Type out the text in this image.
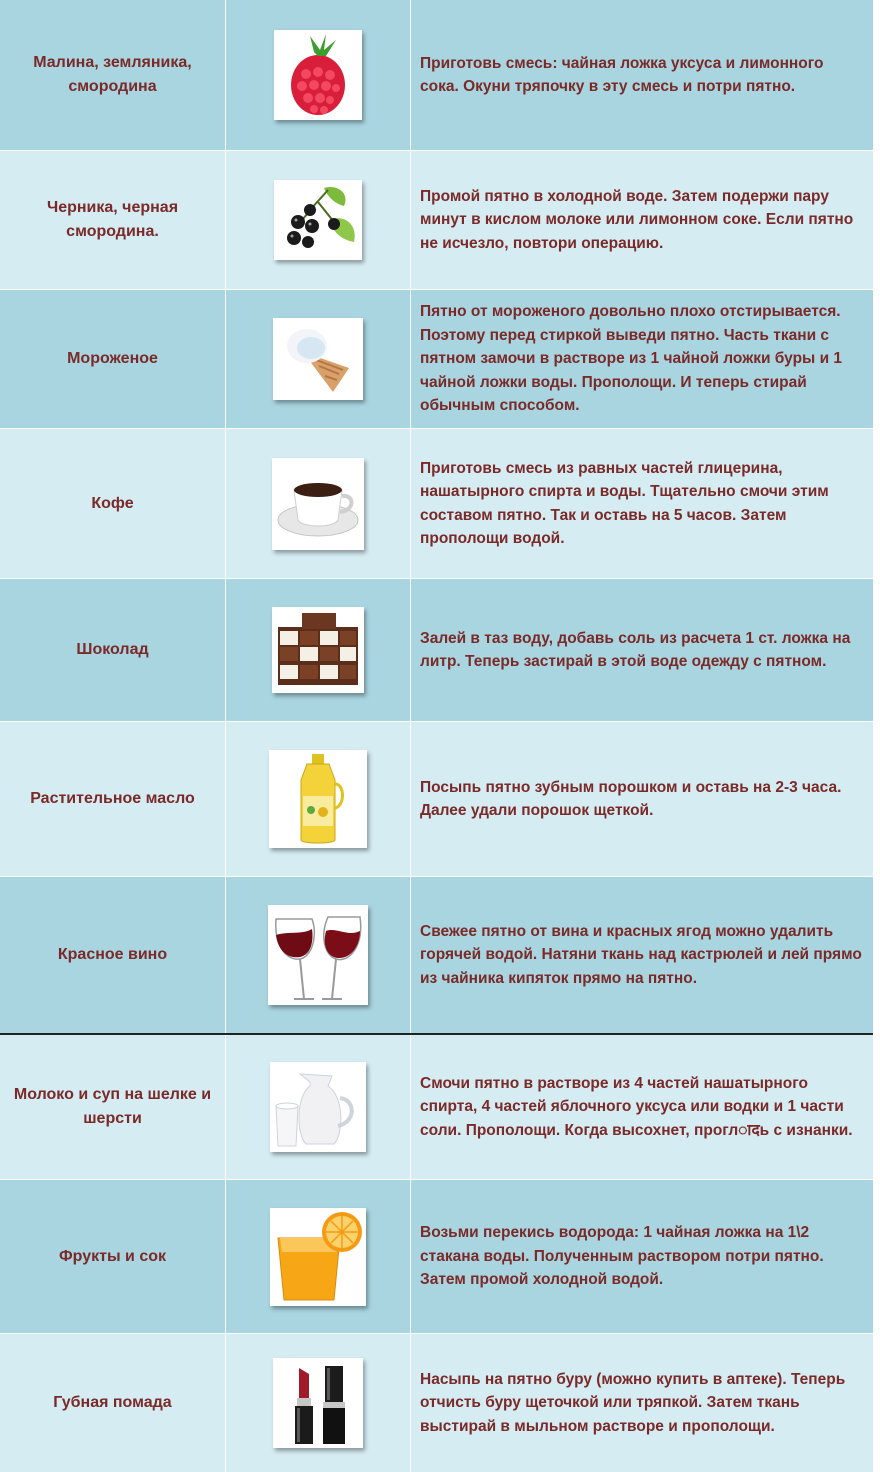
Малина, земляника, смородина
Приготовь смесь: чайная ложка уксуса и лимонного сока. Окуни тряпочку в эту смесь и потри пятно.
Черника, черная смородина.
Промой пятно в холодной воде. Затем подержи пару минут в кислом молоке или лимонном соке. Если пятно не исчезло, повтори операцию.
Мороженое
Пятно от мороженого довольно плохо отстирывается. Поэтому перед стиркой выведи пятно. Часть ткани с пятном замочи в растворе из 1 чайной ложки буры и 1 чайной ложки воды. Прополощи. И теперь стирай обычным способом.
Кофе
Приготовь смесь из равных частей глицерина, нашатырного спирта и воды. Тщательно смочи этим составом пятно. Так и оставь на 5 часов. Затем прополощи водой.
Шоколад
Залей в таз воду, добавь соль из расчета 1 ст. ложка на литр. Теперь застирай в этой воде одежду с пятном.
Растительное масло
Посыпь пятно зубным порошком и оставь на 2-3 часа. Далее удали порошок щеткой.
Красное вино
Свежее пятно от вина и красных ягод можно удалить горячей водой. Натяни ткань над кастрюлей и лей прямо из чайника кипяток прямо на пятно.
Молоко и суп на шелке и шерсти
Смочи пятно в растворе из 4 частей нашатырного спирта, 4 частей яблочного уксуса или водки и 1 части соли. Прополощи. Когда высохнет, проглादь с изнанки.
Фрукты и сок
Возьми перекись водорода: 1 чайная ложка на 1\2 стакана воды. Полученным раствором потри пятно. Затем промой холодной водой.
Губная помада
Насыпь на пятно буру (можно купить в аптеке). Теперь отчисть буру щеточкой или тряпкой. Затем ткань выстирай в мыльном растворе и прополощи.
